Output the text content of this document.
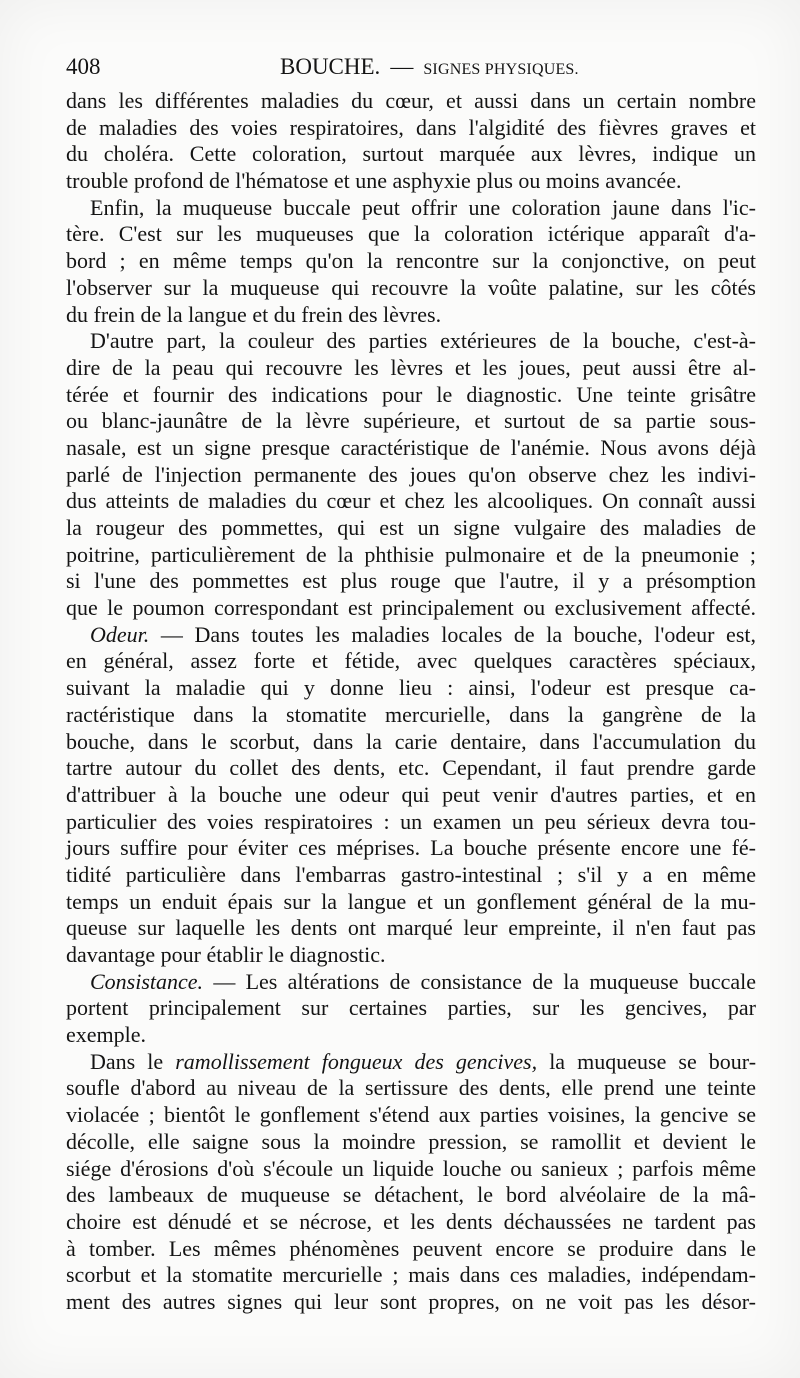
408	BOUCHE. — SIGNES PHYSIQUES.
dans les différentes maladies du cœur, et aussi dans un certain nombre
de maladies des voies respiratoires, dans l'algidité des fièvres graves et
du choléra. Cette coloration, surtout marquée aux lèvres, indique un
trouble profond de l'hématose et une asphyxie plus ou moins avancée.
Enfin, la muqueuse buccale peut offrir une coloration jaune dans l'ic-
tère. C'est sur les muqueuses que la coloration ictérique apparaît d'a-
bord ; en même temps qu'on la rencontre sur la conjonctive, on peut
l'observer sur la muqueuse qui recouvre la voûte palatine, sur les côtés
du frein de la langue et du frein des lèvres.
D'autre part, la couleur des parties extérieures de la bouche, c'est-à-
dire de la peau qui recouvre les lèvres et les joues, peut aussi être al-
térée et fournir des indications pour le diagnostic. Une teinte grisâtre
ou blanc-jaunâtre de la lèvre supérieure, et surtout de sa partie sous-
nasale, est un signe presque caractéristique de l'anémie. Nous avons déjà
parlé de l'injection permanente des joues qu'on observe chez les indivi-
dus atteints de maladies du cœur et chez les alcooliques. On connaît aussi
la rougeur des pommettes, qui est un signe vulgaire des maladies de
poitrine, particulièrement de la phthisie pulmonaire et de la pneumonie ;
si l'une des pommettes est plus rouge que l'autre, il y a présomption
que le poumon correspondant est principalement ou exclusivement affecté.
Odeur. — Dans toutes les maladies locales de la bouche, l'odeur est,
en général, assez forte et fétide, avec quelques caractères spéciaux,
suivant la maladie qui y donne lieu : ainsi, l'odeur est presque ca-
ractéristique dans la stomatite mercurielle, dans la gangrène de la
bouche, dans le scorbut, dans la carie dentaire, dans l'accumulation du
tartre autour du collet des dents, etc. Cependant, il faut prendre garde
d'attribuer à la bouche une odeur qui peut venir d'autres parties, et en
particulier des voies respiratoires : un examen un peu sérieux devra tou-
jours suffire pour éviter ces méprises. La bouche présente encore une fé-
tidité particulière dans l'embarras gastro-intestinal ; s'il y a en même
temps un enduit épais sur la langue et un gonflement général de la mu-
queuse sur laquelle les dents ont marqué leur empreinte, il n'en faut pas
davantage pour établir le diagnostic.
Consistance. — Les altérations de consistance de la muqueuse buccale
portent principalement sur certaines parties, sur les gencives, par
exemple.
Dans le ramollissement fongueux des gencives, la muqueuse se bour-
soufle d'abord au niveau de la sertissure des dents, elle prend une teinte
violacée ; bientôt le gonflement s'étend aux parties voisines, la gencive se
décolle, elle saigne sous la moindre pression, se ramollit et devient le
siége d'érosions d'où s'écoule un liquide louche ou sanieux ; parfois même
des lambeaux de muqueuse se détachent, le bord alvéolaire de la mâ-
choire est dénudé et se nécrose, et les dents déchaussées ne tardent pas
à tomber. Les mêmes phénomènes peuvent encore se produire dans le
scorbut et la stomatite mercurielle ; mais dans ces maladies, indépendam-
ment des autres signes qui leur sont propres, on ne voit pas les désor-
